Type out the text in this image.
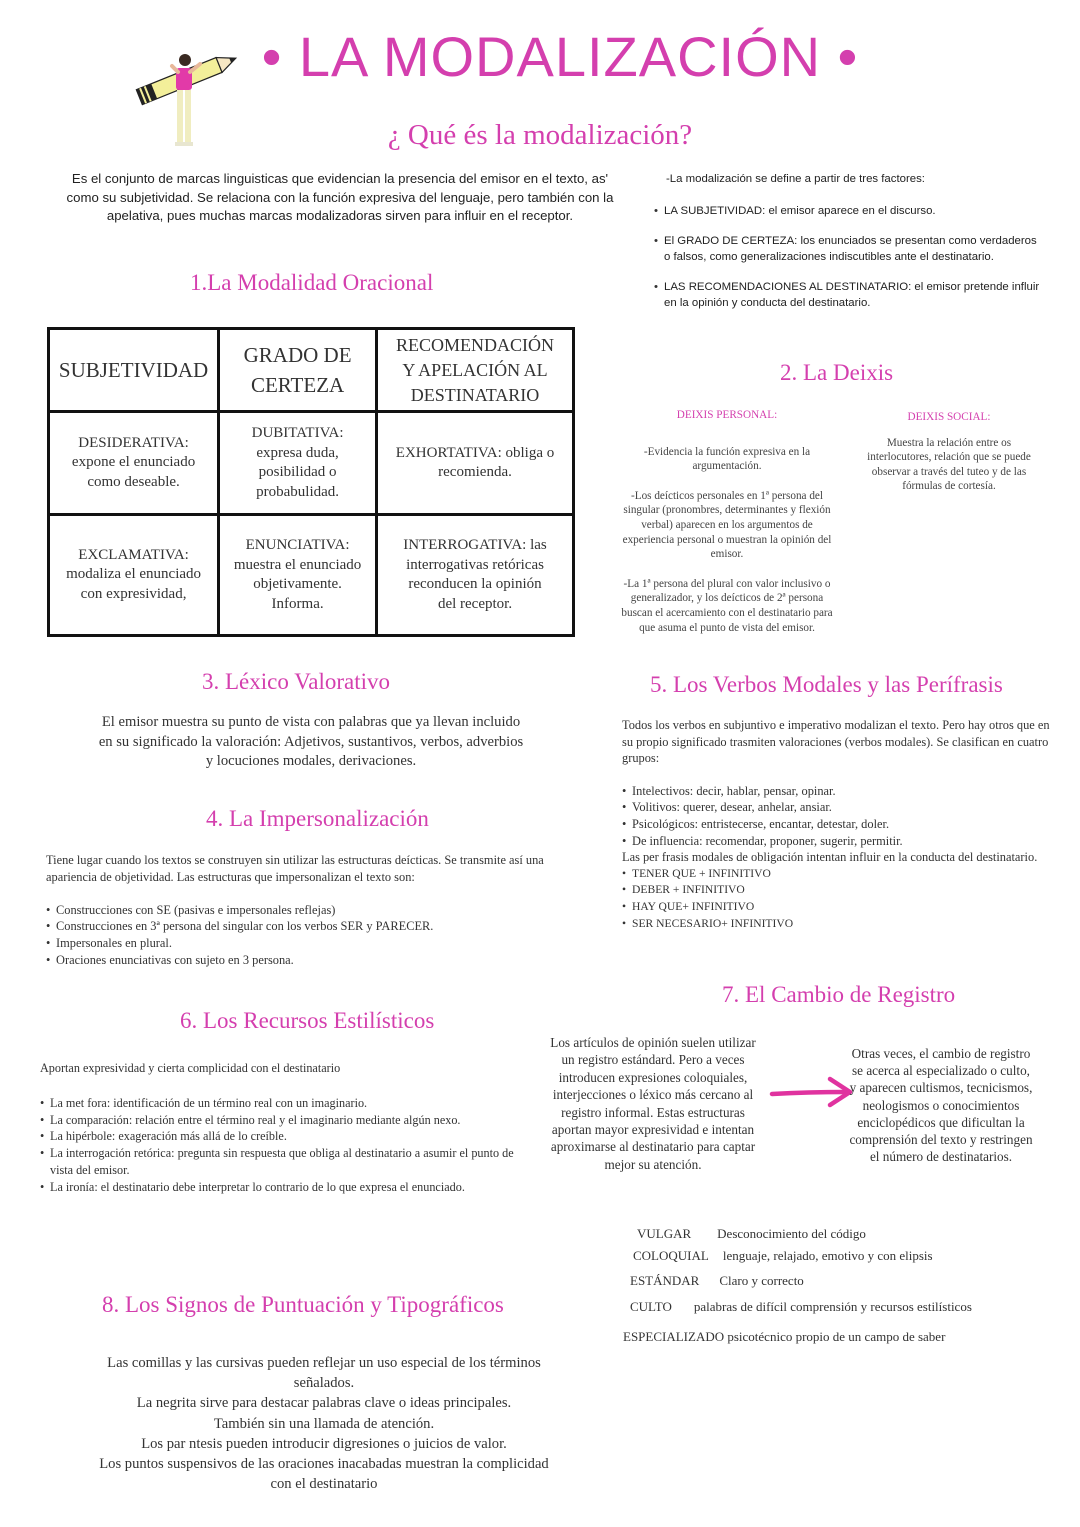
• LA MODALIZACIÓN •
¿ Qué és la modalización?
Es el conjunto de marcas linguisticas que evidencian la presencia del emisor en el texto, as' como su subjetividad. Se relaciona con la función expresiva del lenguaje, pero también con la apelativa, pues muchas marcas modalizadoras sirven para influir en el receptor.
-La modalización se define a partir de tres factores:
• LA SUBJETIVIDAD: el emisor aparece en el discurso.
• El GRADO DE CERTEZA: los enunciados se presentan como verdaderos o falsos, como generalizaciones indiscutibles ante el destinatario.
• LAS RECOMENDACIONES AL DESTINATARIO: el emisor pretende influir en la opinión y conducta del destinatario.
1.La Modalidad Oracional
SUBJETIVIDAD	GRADO DE CERTEZA	RECOMENDACIÓN Y APELACIÓN AL DESTINATARIO
DESIDERATIVA: expone el enunciado como deseable.	DUBITATIVA: expresa duda, posibilidad o probabulidad.	EXHORTATIVA: obliga o recomienda.
EXCLAMATIVA: modaliza el enunciado con expresividad,	ENUNCIATIVA: muestra el enunciado objetivamente. Informa.	INTERROGATIVA: las interrogativas retóricas reconducen la opinión del receptor.
2. La Deixis
DEIXIS PERSONAL:
-Evidencia la función expresiva en la argumentación.
-Los deícticos personales en 1ª persona del singular (pronombres, determinantes y flexión verbal) aparecen en los argumentos de experiencia personal o muestran la opinión del emisor.
-La 1ª persona del plural con valor inclusivo o generalizador, y los deícticos de 2ª persona buscan el acercamiento con el destinatario para que asuma el punto de vista del emisor.
DEIXIS SOCIAL:
Muestra la relación entre os interlocutores, relación que se puede observar a través del tuteo y de las fórmulas de cortesía.
3. Léxico Valorativo
El emisor muestra su punto de vista con palabras que ya llevan incluido en su significado la valoración: Adjetivos, sustantivos, verbos, adverbios y locuciones modales, derivaciones.
4. La Impersonalización
Tiene lugar cuando los textos se construyen sin utilizar las estructuras deícticas. Se transmite así una apariencia de objetividad. Las estructuras que impersonalizan el texto son:
• Construcciones con SE (pasivas e impersonales reflejas)
• Construcciones en 3ª persona del singular con los verbos SER y PARECER.
• Impersonales en plural.
• Oraciones enunciativas con sujeto en 3 persona.
5. Los Verbos Modales y las Perífrasis
Todos los verbos en subjuntivo e imperativo modalizan el texto. Pero hay otros que en su propio significado trasmiten valoraciones (verbos modales). Se clasifican en cuatro grupos:
• Intelectivos: decir, hablar, pensar, opinar.
• Volitivos: querer, desear, anhelar, ansiar.
• Psicológicos: entristecerse, encantar, detestar, doler.
• De influencia: recomendar, proponer, sugerir, permitir.
Las per frasis modales de obligación intentan influir en la conducta del destinatario.
• TENER QUE + INFINITIVO
• DEBER + INFINITIVO
• HAY QUE+ INFINITIVO
• SER NECESARIO+ INFINITIVO
6. Los Recursos Estilísticos
Aportan expresividad y cierta complicidad con el destinatario
• La met fora: identificación de un término real con un imaginario.
• La comparación: relación entre el término real y el imaginario mediante algún nexo.
• La hipérbole: exageración más allá de lo creíble.
• La interrogación retórica: pregunta sin respuesta que obliga al destinatario a asumir el punto de vista del emisor.
• La ironía: el destinatario debe interpretar lo contrario de lo que expresa el enunciado.
7. El Cambio de Registro
Los artículos de opinión suelen utilizar un registro estándard. Pero a veces introducen expresiones coloquiales, interjecciones o léxico más cercano al registro informal. Estas estructuras aportan mayor expresividad e intentan aproximarse al destinatario para captar mejor su atención.
Otras veces, el cambio de registro se acerca al especializado o culto, y aparecen cultismos, tecnicismos, neologismos o conocimientos enciclopédicos que dificultan la comprensión del texto y restringen el número de destinatarios.
VULGAR Desconocimiento del código
COLOQUIAL lenguaje, relajado, emotivo y con elipsis
ESTÁNDAR Claro y correcto
CULTO palabras de difícil comprensión y recursos estilísticos
ESPECIALIZADO psicotécnico propio de un campo de saber
8. Los Signos de Puntuación y Tipográficos
Las comillas y las cursivas pueden reflejar un uso especial de los términos señalados.
La negrita sirve para destacar palabras clave o ideas principales.
También sin una llamada de atención.
Los par ntesis pueden introducir digresiones o juicios de valor.
Los puntos suspensivos de las oraciones inacabadas muestran la complicidad con el destinatario
